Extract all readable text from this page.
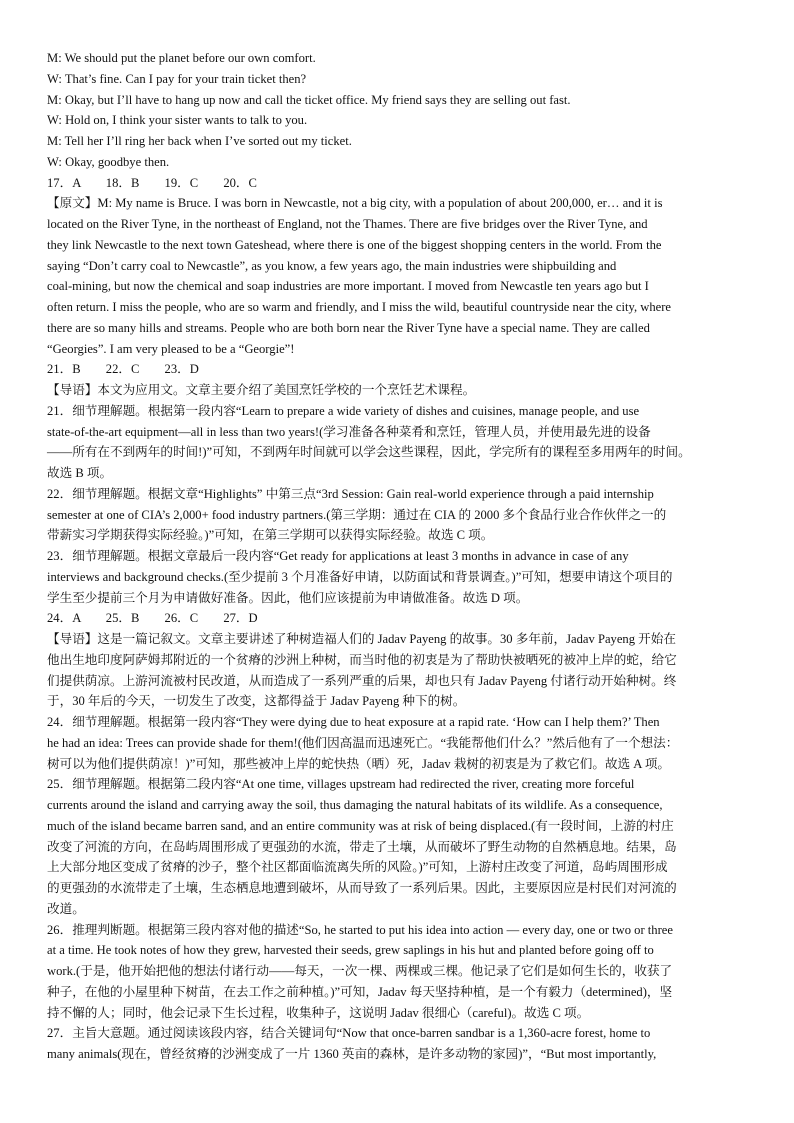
M: We should put the planet before our own comfort.
W: That’s fine. Can I pay for your train ticket then?
M: Okay, but I’ll have to hang up now and call the ticket office. My friend says they are selling out fast.
W: Hold on, I think your sister wants to talk to you.
M: Tell her I’ll ring her back when I’ve sorted out my ticket.
W: Okay, goodbye then.
17．A　　18．B　　19．C　　20．C
【原文】M: My name is Bruce. I was born in Newcastle, not a big city, with a population of about 200,000, er… and it is
located on the River Tyne, in the northeast of England, not the Thames. There are five bridges over the River Tyne, and
they link Newcastle to the next town Gateshead, where there is one of the biggest shopping centers in the world. From the
saying “Don’t carry coal to Newcastle”, as you know, a few years ago, the main industries were shipbuilding and
coal-mining, but now the chemical and soap industries are more important. I moved from Newcastle ten years ago but I
often return. I miss the people, who are so warm and friendly, and I miss the wild, beautiful countryside near the city, where
there are so many hills and streams. People who are both born near the River Tyne have a special name. They are called
“Georgies”. I am very pleased to be a “Georgie”!
21．B　　22．C　　23．D
【导语】本文为应用文。文章主要介绍了美国烹饪学校的一个烹饪艺术课程。
21．细节理解题。根据第一段内容“Learn to prepare a wide variety of dishes and cuisines, manage people, and use
state-of-the-art equipment—all in less than two years!(学习准备各种菜肴和烹饪，管理人员，并使用最先进的设备
——所有在不到两年的时间!)”可知，不到两年时间就可以学会这些课程，因此，学完所有的课程至多用两年的时间。
故选 B 项。
22．细节理解题。根据文章“Highlights” 中第三点“3rd Session: Gain real-world experience through a paid internship
semester at one of CIA’s 2,000+ food industry partners.(第三学期：通过在 CIA 的 2000 多个食品行业合作伙伴之一的
带薪实习学期获得实际经验。)”可知，在第三学期可以获得实际经验。故选 C 项。
23．细节理解题。根据文章最后一段内容“Get ready for applications at least 3 months in advance in case of any
interviews and background checks.(至少提前 3 个月准备好申请，以防面试和背景调查。)”可知，想要申请这个项目的
学生至少提前三个月为申请做好准备。因此，他们应该提前为申请做准备。故选 D 项。
24．A　　25．B　　26．C　　27．D
【导语】这是一篇记叙文。文章主要讲述了种树造福人们的 Jadav Payeng 的故事。30 多年前，Jadav Payeng 开始在
他出生地印度阿萨姆邦附近的一个贫瘠的沙洲上种树，而当时他的初衷是为了帮助快被晒死的被冲上岸的蛇，给它
们提供荫凉。上游河流被村民改道，从而造成了一系列严重的后果，却也只有 Jadav Payeng 付诸行动开始种树。终
于，30 年后的今天，一切发生了改变，这都得益于 Jadav Payeng 种下的树。
24．细节理解题。根据第一段内容“They were dying due to heat exposure at a rapid rate. ‘How can I help them?’ Then
he had an idea: Trees can provide shade for them!(他们因高温而迅速死亡。“我能帮他们什么？”然后他有了一个想法：
树可以为他们提供荫凉！)”可知，那些被冲上岸的蛇快热（晒）死，Jadav 栽树的初衷是为了救它们。故选 A 项。
25．细节理解题。根据第二段内容“At one time, villages upstream had redirected the river, creating more forceful
currents around the island and carrying away the soil, thus damaging the natural habitats of its wildlife. As a consequence,
much of the island became barren sand, and an entire community was at risk of being displaced.(有一段时间，上游的村庄
改变了河流的方向，在岛屿周围形成了更强劲的水流，带走了土壤，从而破坏了野生动物的自然栖息地。结果，岛
上大部分地区变成了贫瘠的沙子，整个社区都面临流离失所的风险。)”可知，上游村庄改变了河道，岛屿周围形成
的更强劲的水流带走了土壤，生态栖息地遭到破坏，从而导致了一系列后果。因此，主要原因应是村民们对河流的
改道。
26．推理判断题。根据第三段内容对他的描述“So, he started to put his idea into action — every day, one or two or three
at a time. He took notes of how they grew, harvested their seeds, grew saplings in his hut and planted before going off to
work.(于是，他开始把他的想法付诸行动——每天，一次一棵、两棵或三棵。他记录了它们是如何生长的，收获了
种子，在他的小屋里种下树苗，在去工作之前种植。)”可知，Jadav 每天坚持种植，是一个有毅力（determined)，坚
持不懈的人；同时，他会记录下生长过程，收集种子，这说明 Jadav 很细心（careful)。故选 C 项。
27．主旨大意题。通过阅读该段内容，结合关键词句“Now that once-barren sandbar is a 1,360-acre forest, home to
many animals(现在，曾经贫瘠的沙洲变成了一片 1360 英亩的森林，是许多动物的家园)”，“But most importantly,
